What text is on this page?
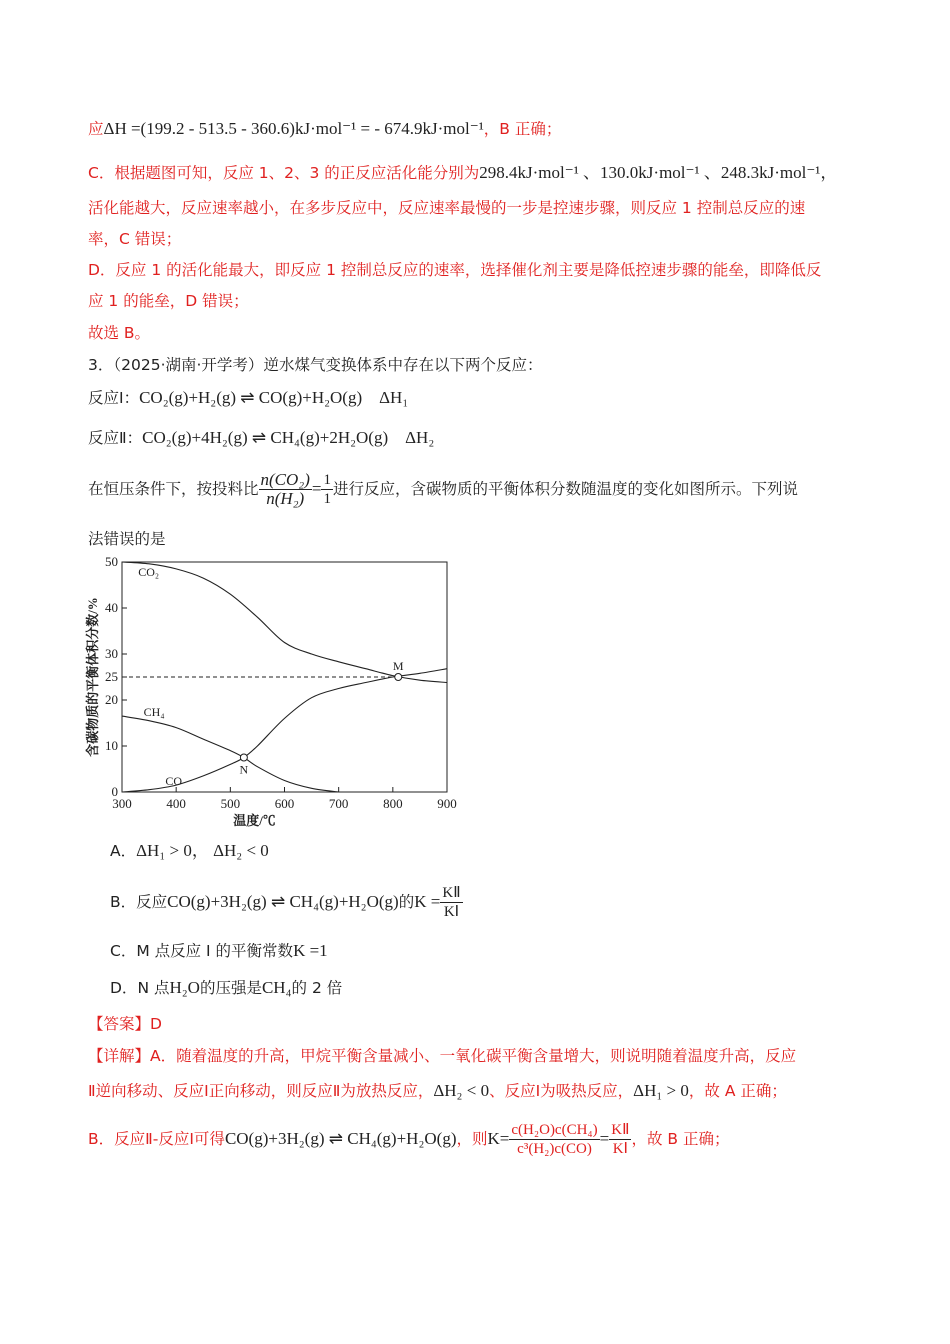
应ΔH =(199.2 - 513.5 - 360.6)kJ·mol⁻¹ = - 674.9kJ·mol⁻¹，B 正确；
C．根据题图可知，反应 1、2、3 的正反应活化能分别为298.4kJ·mol⁻¹ 、130.0kJ·mol⁻¹ 、248.3kJ·mol⁻¹，
活化能越大，反应速率越小，在多步反应中，反应速率最慢的一步是控速步骤，则反应 1 控制总反应的速
率，C 错误；
D．反应 1 的活化能最大，即反应 1 控制总反应的速率，选择催化剂主要是降低控速步骤的能垒，即降低反
应 1 的能垒，D 错误；
故选 B。
3．（2025·湖南·开学考）逆水煤气变换体系中存在以下两个反应：
反应Ⅰ：CO₂(g)+H₂(g) ⇌ CO(g)+H₂O(g)　ΔH₁
反应Ⅱ：CO₂(g)+4H₂(g) ⇌ CH₄(g)+2H₂O(g)　ΔH₂
在恒压条件下，按投料比 $\frac{\text{n(CO₂)}}{\text{n(H₂)}} = \frac{1}{1}$ 进行反应，含碳物质的平衡体积分数随温度的变化如图所示。下列说
法错误的是
300	400	500	600	700	800	900
0
10
20
25
30
40
50
温度/℃
含碳物质的平衡体积分数/%
CO₂
CH₄
CO
M
N
A．ΔH₁ > 0， ΔH₂ < 0
B．反应CO(g)+3H₂(g) ⇌ CH₄(g)+H₂O(g)的$K = \frac{\text{KⅡ}}{\text{KⅠ}}$
C．M 点反应 I 的平衡常数K =1
D．N 点H₂O的压强是CH₄的 2 倍
【答案】D
【详解】A．随着温度的升高，甲烷平衡含量减小、一氧化碳平衡含量增大，则说明随着温度升高，反应
Ⅱ逆向移动、反应Ⅰ正向移动，则反应Ⅱ为放热反应，ΔH₂ < 0、反应Ⅰ为吸热反应，ΔH₁ > 0，故 A 正确；
B．反应Ⅱ-反应Ⅰ可得CO(g)+3H₂(g) ⇌ CH₄(g)+H₂O(g)，则$K= \frac{\text{c(H₂O)c(CH₄)}}{\text{c³(H₂)c(CO)}} = \frac{\text{KⅡ}}{\text{KⅠ}}$ ，故 B 正确；
